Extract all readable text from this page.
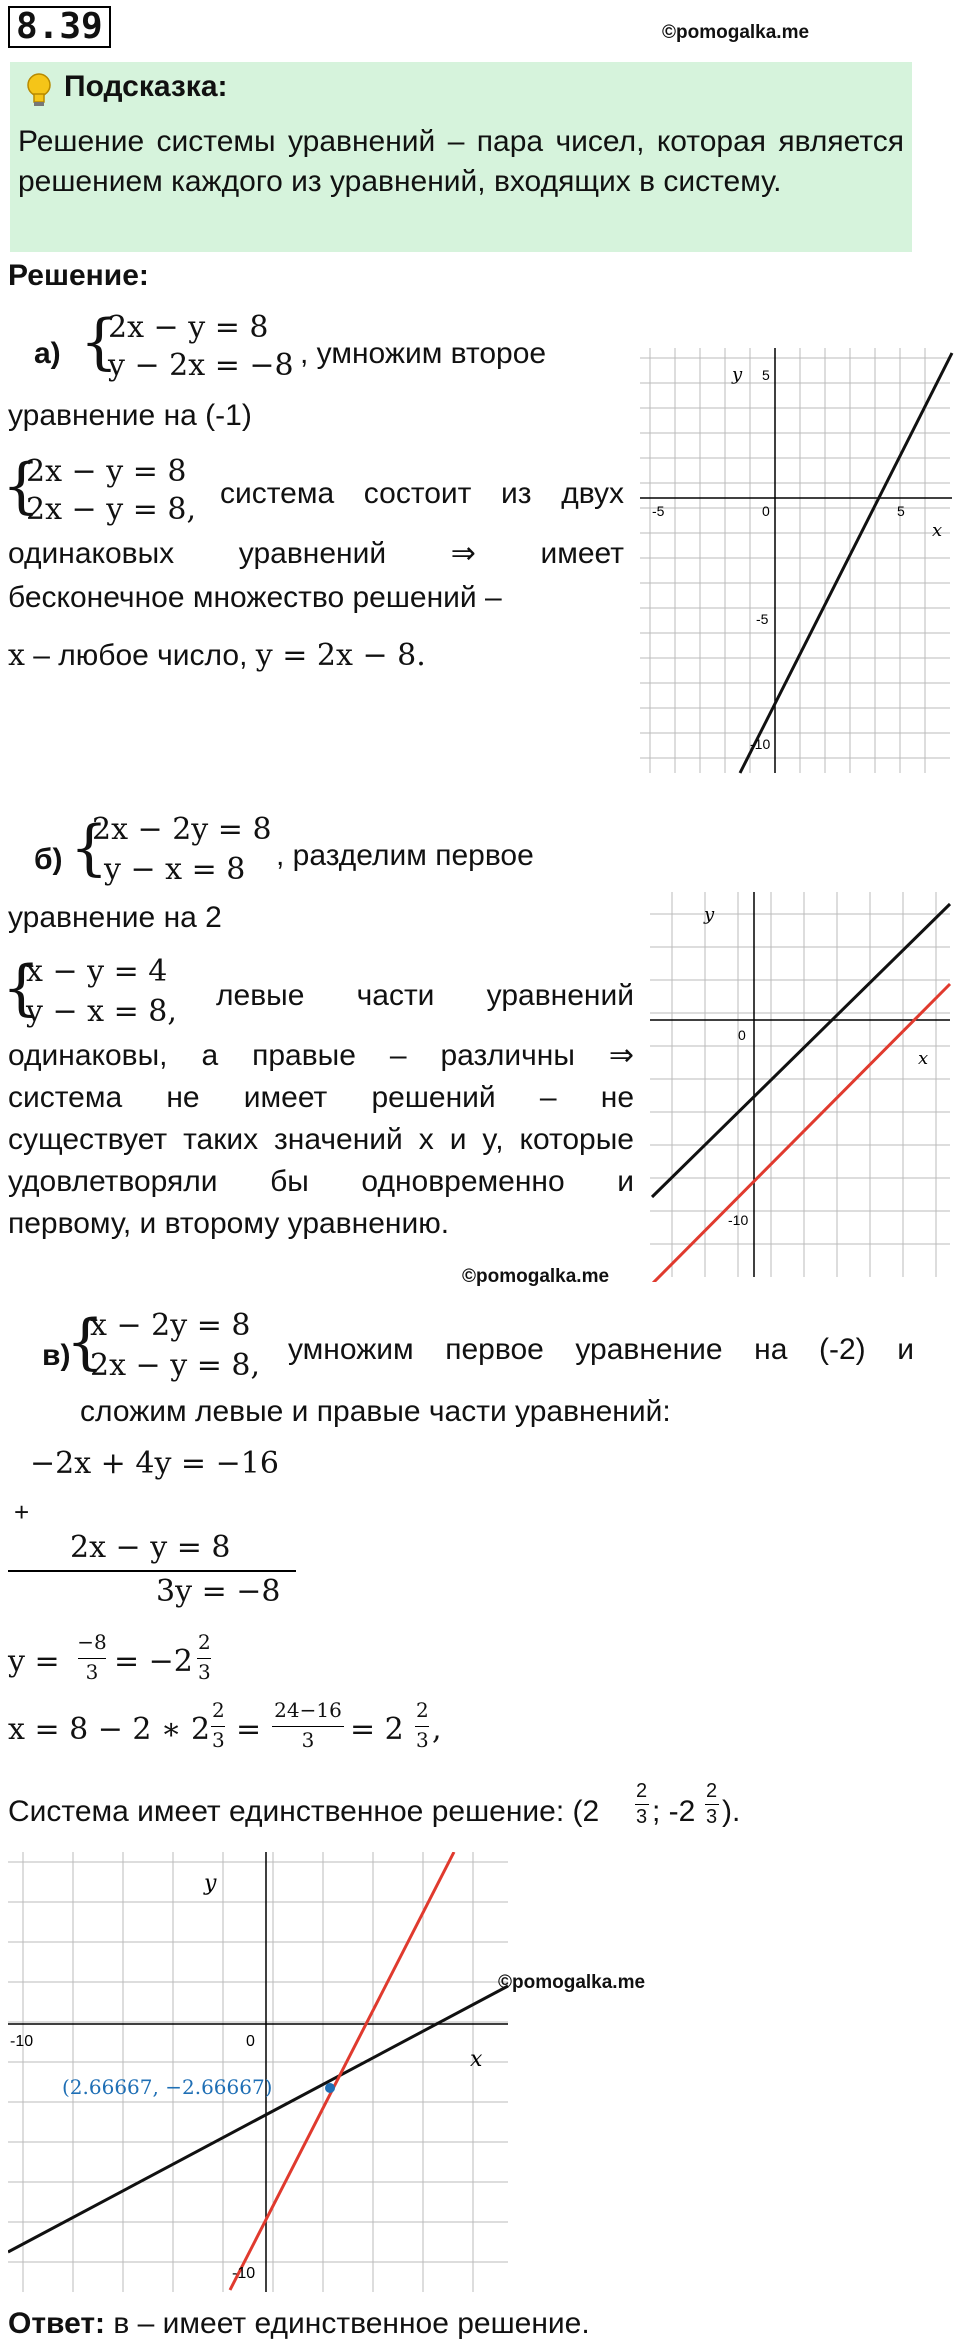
8.39	©pomogalka.me
Подсказка:
Решение системы уравнений – пара чисел, которая является решением каждого из уравнений, входящих в систему.
Решение:
а) {
2x − y = 8
y − 2x = −8 , умножим второе
уравнение на (-1)
{
2x − y = 8
2x − y = 8, система состоит из двух
одинаковых уравнений ⇒ имеет
бесконечное множество решений –
x – любое число, y = 2x − 8.
-5	0	5
5
-5
-10
x
y
б) {
2x − 2y = 8
y − x = 8 , разделим первое
уравнение на 2
{
x − y = 4
y − x = 8, левые части уравнений
одинаковы, а правые – различны ⇒
система не имеет решений – не
существует таких значений x и y, которые
удовлетворяли бы одновременно и
первому, и второму уравнению.
©pomogalka.me
0
-10
x
y
в)
{
x − 2y = 8
2x − y = 8, умножим первое уравнение на (-2) и
сложим левые и правые части уравнений:
−2x + 4y = −16
+
2x − y = 8
3y = −8
y =
−8
3 = −2
2
3
x = 8 − 2 ∗ 2
2
3 =
24−16
3	= 2
2
3 ,
Система имеет единственное решение: (2
2
3 ; -2
2
3 ).
(2.66667, −2.66667)
-10	0
-10
x
y
©pomogalka.me
Ответ: в – имеет единственное решение.
